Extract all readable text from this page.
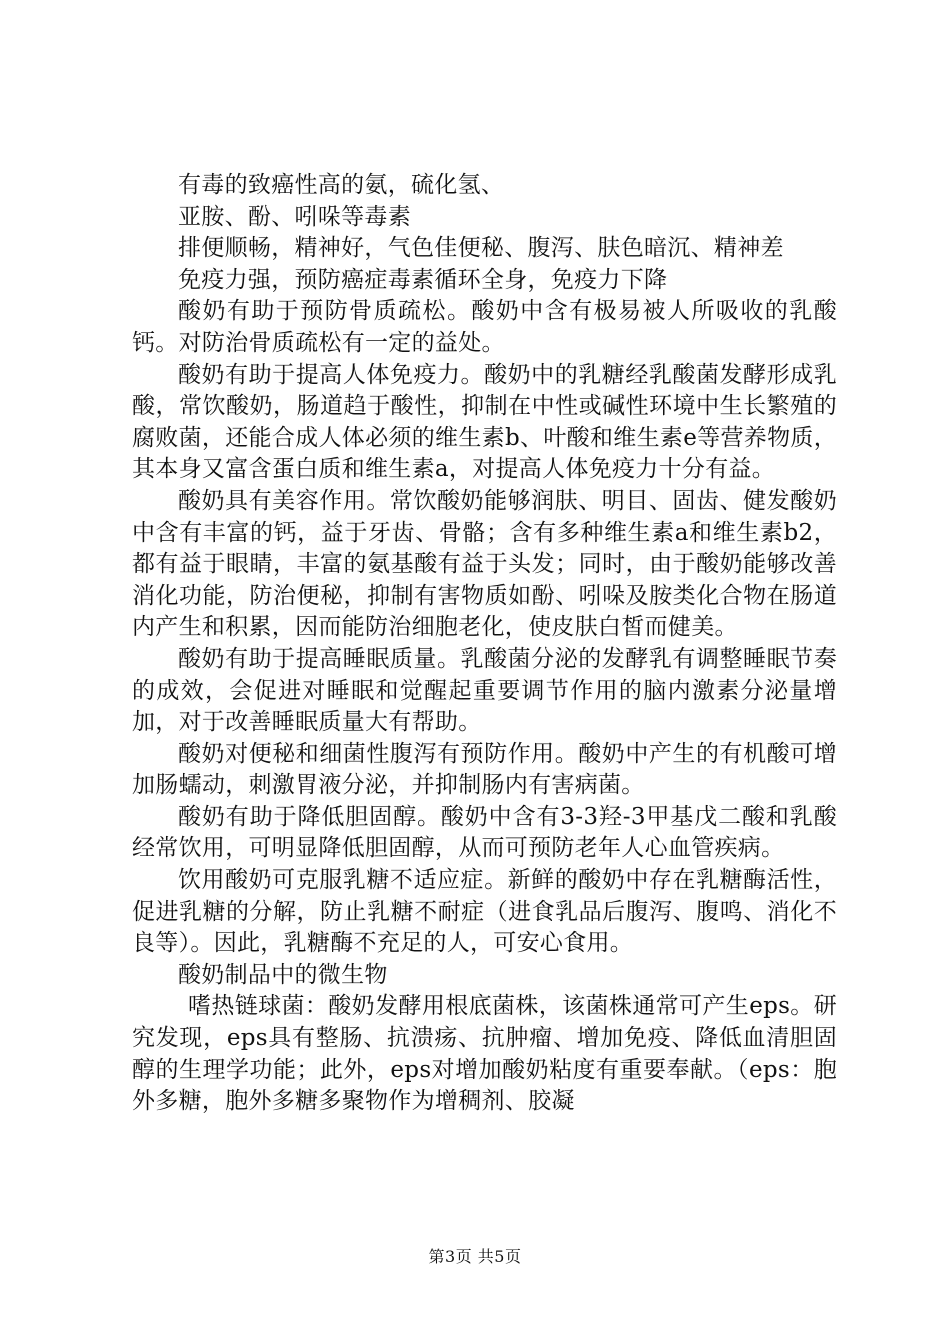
有毒的致癌性高的氨，硫化氢、

亚胺、酚、吲哚等毒素

排便顺畅，精神好，气色佳便秘、腹泻、肤色暗沉、精神差

免疫力强，预防癌症毒素循环全身，免疫力下降

酸奶有助于预防骨质疏松。酸奶中含有极易被人所吸收的乳酸钙。对防治骨质疏松有一定的益处。

酸奶有助于提高人体免疫力。酸奶中的乳糖经乳酸菌发酵形成乳酸，常饮酸奶，肠道趋于酸性，抑制在中性或碱性环境中生长繁殖的腐败菌，还能合成人体必须的维生素b、叶酸和维生素e等营养物质，其本身又富含蛋白质和维生素a，对提高人体免疫力十分有益。

酸奶具有美容作用。常饮酸奶能够润肤、明目、固齿、健发酸奶中含有丰富的钙，益于牙齿、骨骼；含有多种维生素a和维生素b2，都有益于眼睛，丰富的氨基酸有益于头发；同时，由于酸奶能够改善消化功能，防治便秘，抑制有害物质如酚、吲哚及胺类化合物在肠道内产生和积累，因而能防治细胞老化，使皮肤白皙而健美。

酸奶有助于提高睡眠质量。乳酸菌分泌的发酵乳有调整睡眠节奏的成效，会促进对睡眠和觉醒起重要调节作用的脑内激素分泌量增加，对于改善睡眠质量大有帮助。

酸奶对便秘和细菌性腹泻有预防作用。酸奶中产生的有机酸可增加肠蠕动，刺激胃液分泌，并抑制肠内有害病菌。

酸奶有助于降低胆固醇。酸奶中含有3-3羟-3甲基戊二酸和乳酸经常饮用，可明显降低胆固醇，从而可预防老年人心血管疾病。

饮用酸奶可克服乳糖不适应症。新鲜的酸奶中存在乳糖酶活性，促进乳糖的分解，防止乳糖不耐症（进食乳品后腹泻、腹鸣、消化不良等）。因此，乳糖酶不充足的人，可安心食用。

酸奶制品中的微生物

嗜热链球菌：酸奶发酵用根底菌株，该菌株通常可产生eps。研究发现，eps具有整肠、抗溃疡、抗肿瘤、增加免疫、降低血清胆固醇的生理学功能；此外，eps对增加酸奶粘度有重要奉献。（eps：胞外多糖，胞外多糖多聚物作为增稠剂、胶凝

第3页 共5页
